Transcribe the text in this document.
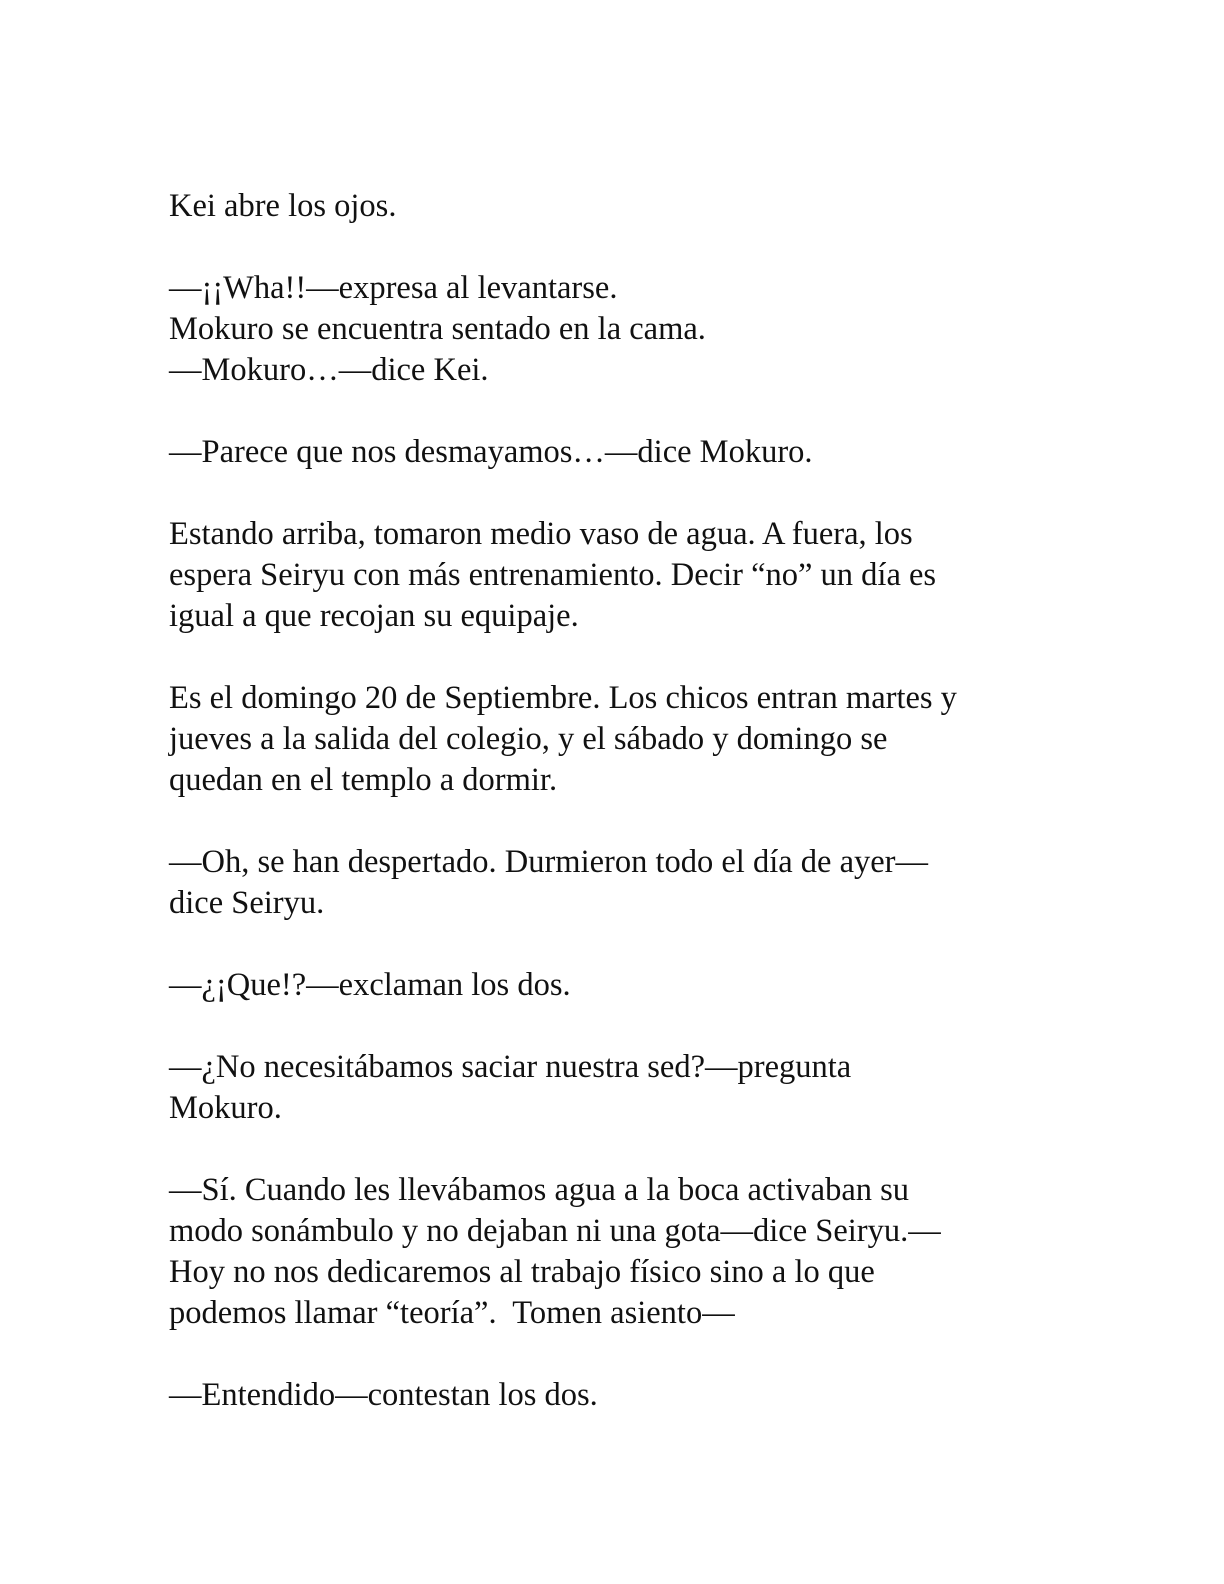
Kei abre los ojos.
—¡¡Wha!!—expresa al levantarse.
Mokuro se encuentra sentado en la cama.
—Mokuro…—dice Kei.
—Parece que nos desmayamos…—dice Mokuro.
Estando arriba, tomaron medio vaso de agua. A fuera, los
espera Seiryu con más entrenamiento. Decir “no” un día es
igual a que recojan su equipaje.
Es el domingo 20 de Septiembre. Los chicos entran martes y
jueves a la salida del colegio, y el sábado y domingo se
quedan en el templo a dormir.
—Oh, se han despertado. Durmieron todo el día de ayer—
dice Seiryu.
—¿¡Que!?—exclaman los dos.
—¿No necesitábamos saciar nuestra sed?—pregunta
Mokuro.
—Sí. Cuando les llevábamos agua a la boca activaban su
modo sonámbulo y no dejaban ni una gota—dice Seiryu.—
Hoy no nos dedicaremos al trabajo físico sino a lo que
podemos llamar “teoría”.  Tomen asiento—
—Entendido—contestan los dos.
